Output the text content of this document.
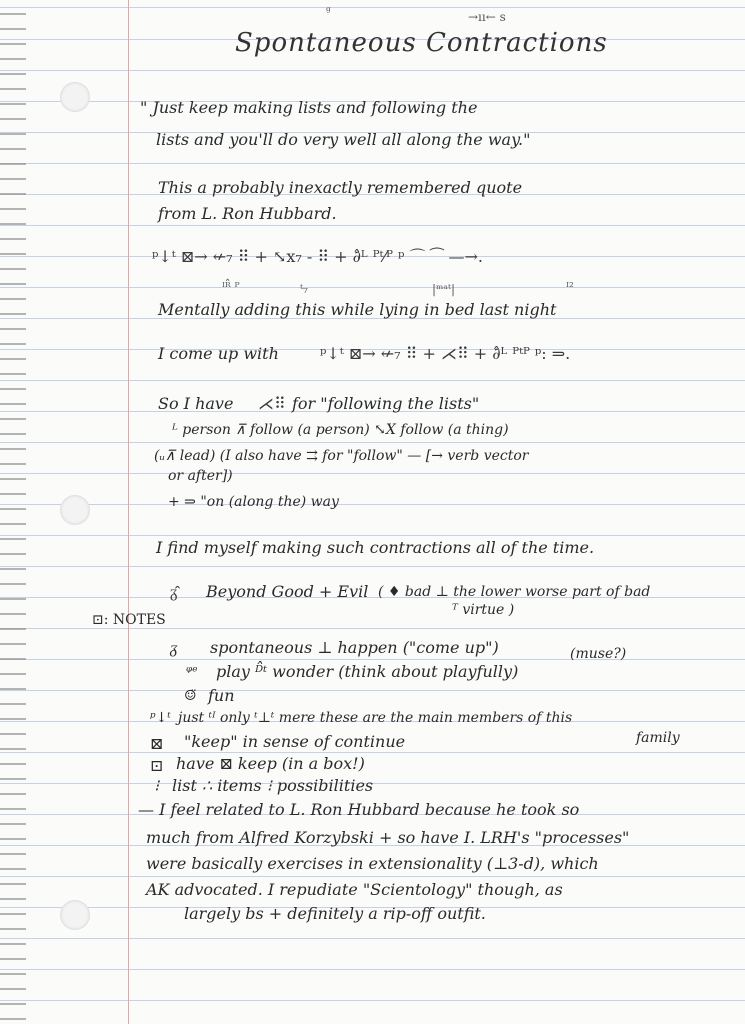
ᵍ	→ıı← s
Spontaneous Contractions
" Just keep making lists and following the
lists and you'll do very well all along the way."
This a probably inexactly remembered quote
from L. Ron Hubbard.
ᵖ↓ᵗ ⊠→ ↚₇ ⠿ + ⤡x₇ - ⠿ + ∂̂ᴸ ᴾᵗ⁄ᴾ ᵖ ⌒ ⁀ —→.
ᴵᴿ̂ ᴾ	ᵗ₇	|ᵐᵃᵗ|	ᴵ²
Mentally adding this while lying in bed last night
I come up with	ᵖ↓ᵗ ⊠→ ↚₇ ⠿ + ⋌⠿ + ∂̂ᴸ ᴾᵗᴾ ᵖ: ⥰.
So I have ⋌⠿ for "following the lists"
ᴸ person ⊼ follow (a person) ⤡X follow (a thing)
(ᵤ⊼ lead) (I also have ⇉ for "follow" — [→ verb vector
or after])
+ ⥰ "on (along the) way
I find myself making such contractions all of the time.
ᵹ̂ Beyond Good + Evil ( ♦ bad ⊥ the lower worse part of bad
ᵀ virtue )
⊡: NOTES
ᵹ spontaneous ⊥ happen ("come up")	(muse?)
ᵠᵉ play ᴰ̂ᵗ wonder (think about playfully)
☺̈ fun
ᵖ↓ᵗ just ᵗᴵ only ᵗ⊥ᵗ mere these are the main members of this
family
⊠ "keep" in sense of continue
⊡ have ⊠ keep (in a box!)
⁝ list ∴ items ⁝ possibilities
— I feel related to L. Ron Hubbard because he took so
much from Alfred Korzybski + so have I. LRH's "processes"
were basically exercises in extensionality (⊥3-d), which
AK advocated. I repudiate "Scientology" though, as
largely bs + definitely a rip-off outfit.
